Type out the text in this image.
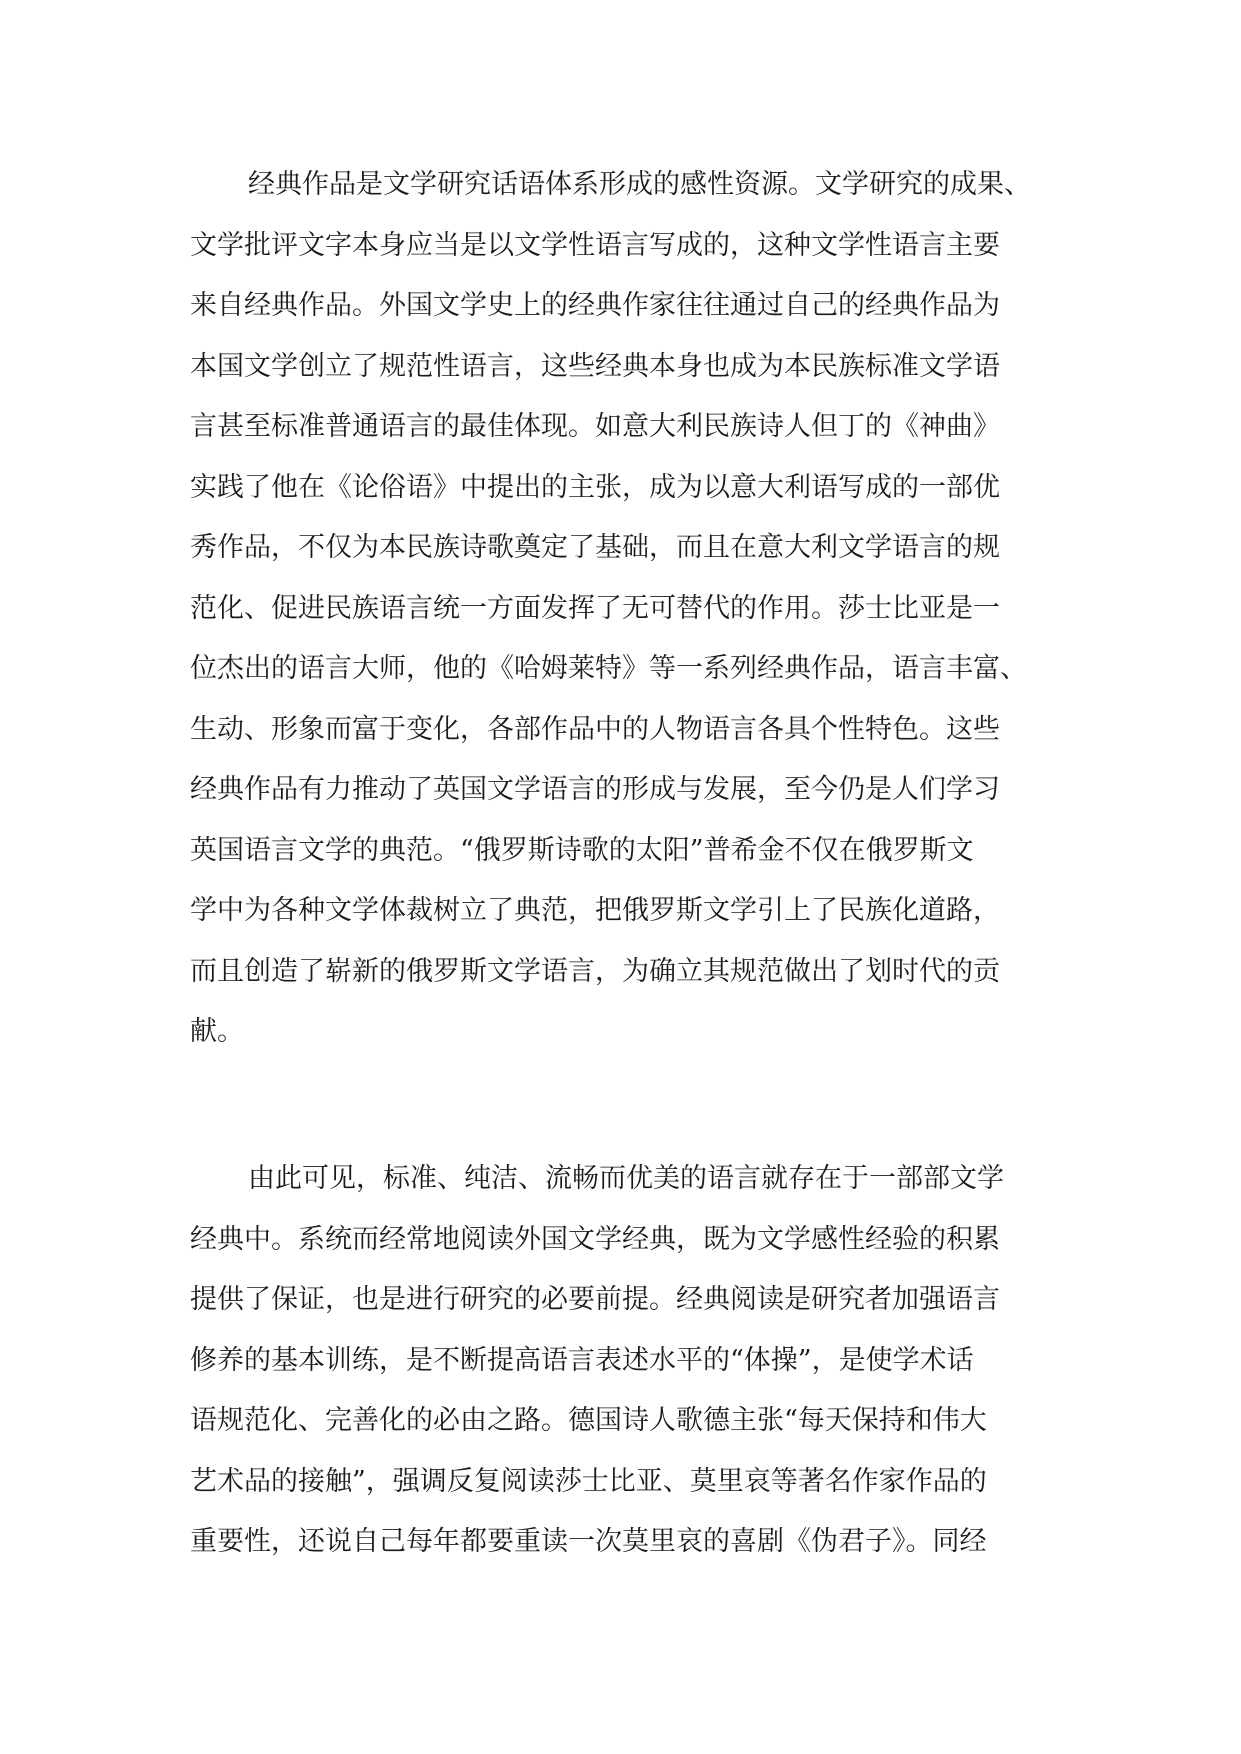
经典作品是文学研究话语体系形成的感性资源。文学研究的成果、
文学批评文字本身应当是以文学性语言写成的，这种文学性语言主要
来自经典作品。外国文学史上的经典作家往往通过自己的经典作品为
本国文学创立了规范性语言，这些经典本身也成为本民族标准文学语
言甚至标准普通语言的最佳体现。如意大利民族诗人但丁的《神曲》
实践了他在《论俗语》中提出的主张，成为以意大利语写成的一部优
秀作品，不仅为本民族诗歌奠定了基础，而且在意大利文学语言的规
范化、促进民族语言统一方面发挥了无可替代的作用。莎士比亚是一
位杰出的语言大师，他的《哈姆莱特》等一系列经典作品，语言丰富、
生动、形象而富于变化，各部作品中的人物语言各具个性特色。这些
经典作品有力推动了英国文学语言的形成与发展，至今仍是人们学习
英国语言文学的典范。“俄罗斯诗歌的太阳”普希金不仅在俄罗斯文
学中为各种文学体裁树立了典范，把俄罗斯文学引上了民族化道路，
而且创造了崭新的俄罗斯文学语言，为确立其规范做出了划时代的贡
献。
由此可见，标准、纯洁、流畅而优美的语言就存在于一部部文学
经典中。系统而经常地阅读外国文学经典，既为文学感性经验的积累
提供了保证，也是进行研究的必要前提。经典阅读是研究者加强语言
修养的基本训练，是不断提高语言表述水平的“体操”，是使学术话
语规范化、完善化的必由之路。德国诗人歌德主张“每天保持和伟大
艺术品的接触”，强调反复阅读莎士比亚、莫里哀等著名作家作品的
重要性，还说自己每年都要重读一次莫里哀的喜剧《伪君子》。同经
